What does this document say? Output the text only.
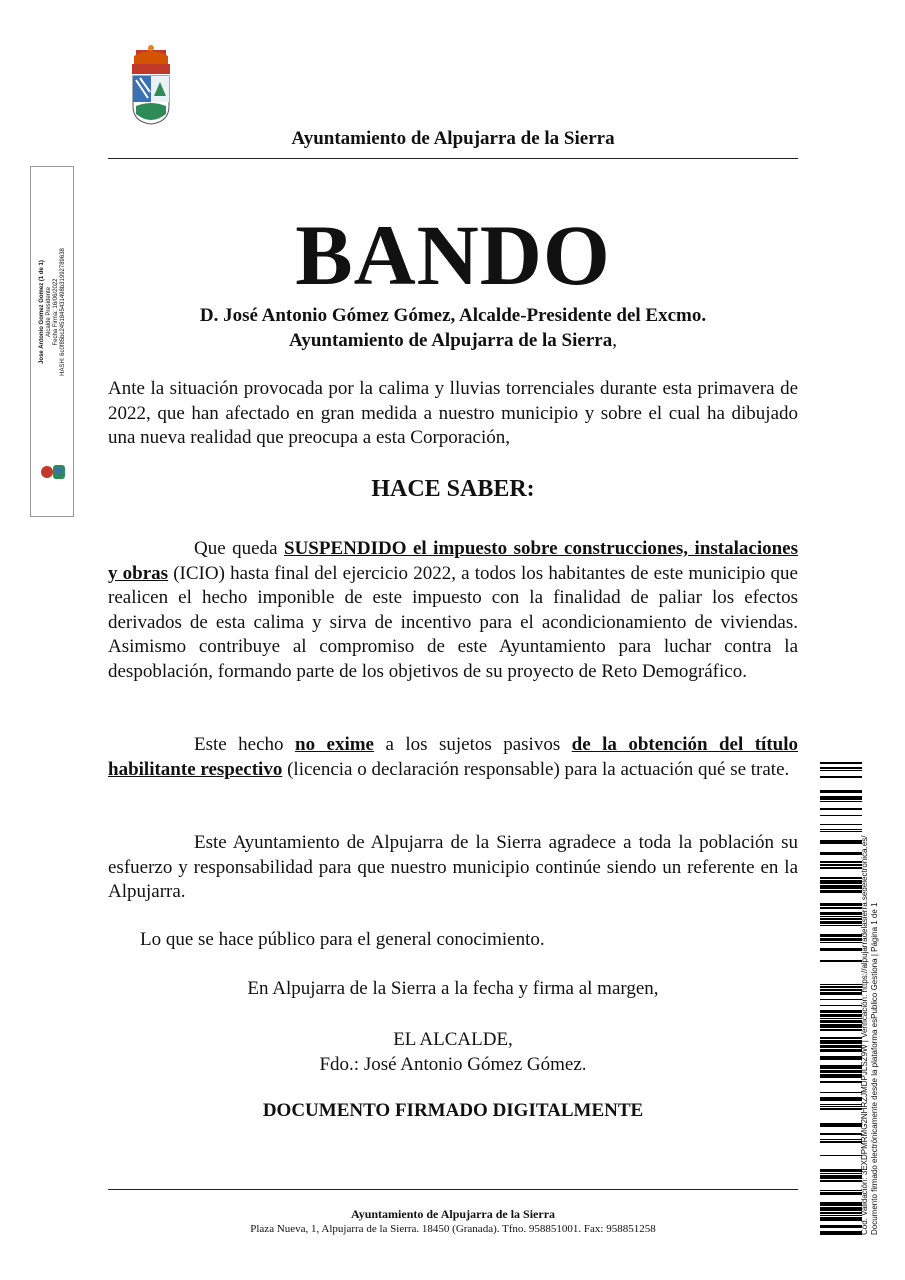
Ayuntamiento de Alpujarra de la Sierra
BANDO
D. José Antonio Gómez Gómez, Alcalde-Presidente del Excmo.
Ayuntamiento de Alpujarra de la Sierra,
Ante la situación provocada por la calima y lluvias torrenciales durante esta primavera de 2022, que han afectado en gran medida a nuestro municipio y sobre el cual ha dibujado una nueva realidad que preocupa a esta Corporación,
HACE SABER:
Que queda SUSPENDIDO el impuesto sobre construcciones, instalaciones y obras (ICIO) hasta final del ejercicio 2022, a todos los habitantes de este municipio que realicen el hecho imponible de este impuesto con la finalidad de paliar los efectos derivados de esta calima y sirva de incentivo para el acondicionamiento de viviendas. Asimismo contribuye al compromiso de este Ayuntamiento para luchar contra la despoblación, formando parte de los objetivos de su proyecto de Reto Demográfico.
Este hecho no exime a los sujetos pasivos de la obtención del título habilitante respectivo (licencia o declaración responsable) para la actuación qué se trate.
Este Ayuntamiento de Alpujarra de la Sierra agradece a toda la población su esfuerzo y responsabilidad para que nuestro municipio continúe siendo un referente en la Alpujarra.
Lo que se hace público para el general conocimiento.
En Alpujarra de la Sierra a la fecha y firma al margen,
EL ALCALDE,
Fdo.: José Antonio Gómez Gómez.
DOCUMENTO FIRMADO DIGITALMENTE
Ayuntamiento de Alpujarra de la Sierra
Plaza Nueva, 1, Alpujarra de la Sierra. 18450 (Granada). Tfno. 958851001. Fax: 958851258
Jose Antonio Gomez Gomez (1 de 1) Alcalde Presidente Fecha Firma: 16/06/2022 HASH: 6c0f85bc2451845431498b31992789638
Cód. Validación: 3EXDPMRMG2NHRZJMDPJLSZ9W | Verificación: https://alpujarradelasierra.sedelectronica.es/ Documento firmado electrónicamente desde la plataforma esPublico Gestiona | Página 1 de 1
